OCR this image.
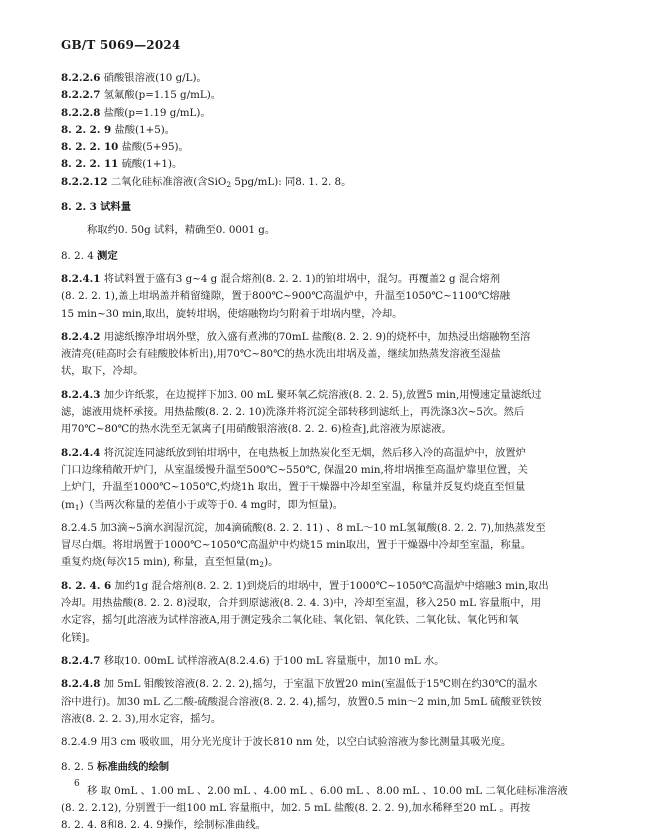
GB/T 5069—2024
8.2.2.6 硝酸银溶液(10 g/L)。
8.2.2.7 氢氟酸(p=1.15 g/mL)。
8.2.2.8 盐酸(p=1.19 g/mL)。
8. 2. 2. 9 盐酸(1+5)。
8. 2. 2. 10 盐酸(5+95)。
8. 2. 2. 11 硫酸(1+1)。
8.2.2.12 二氧化硅标准溶液(含SiO$_2$ 5pg/mL): 同8. 1. 2. 8。
8. 2. 3 试料量
称取约0. 50g 试料，精确至0. 0001 g。
8. 2. 4 测定
8.2.4.1 将试料置于盛有3 g~4 g 混合熔剂(8. 2. 2. 1)的铂坩埚中，混匀。再覆盖2 g 混合熔剂
(8. 2. 2. 1),盖上坩埚盖并稍留缝隙，置于800℃~900℃高温炉中，升温至1050℃~1100℃熔融
15 min~30 min,取出，旋转坩埚，使熔融物均匀附着于坩埚内壁，冷却。
8.2.4.2 用滤纸擦净坩埚外壁，放入盛有煮沸的70mL 盐酸(8. 2. 2. 9)的烧杯中，加热浸出熔融物至溶
液清亮(硅高时会有硅酸胶体析出),用70℃~80℃的热水洗出坩埚及盖，继续加热蒸发溶液至湿盐
状，取下，冷却。
8.2.4.3 加少许纸浆，在边搅拌下加3. 00 mL 聚环氧乙烷溶液(8. 2. 2. 5),放置5 min,用慢速定量滤纸过
滤，滤液用烧杯承接。用热盐酸(8. 2. 2. 10)洗涤并将沉淀全部转移到滤纸上，再洗涤3次~5次。然后
用70℃~80℃的热水洗至无氯离子[用硝酸银溶液(8. 2. 2. 6)检查],此溶液为原滤液。
8.2.4.4 将沉淀连同滤纸放到铂坩埚中，在电热板上加热炭化至无烟，然后移入冷的高温炉中，放置炉
门口边缘稍敞开炉门，从室温缓慢升温至500℃~550℃, 保温20 min,将坩埚推至高温炉靠里位置，关
上炉门，升温至1000℃~1050℃,灼烧1h 取出，置于干燥器中冷却至室温，称量并反复灼烧直至恒量
$(m_1)$（当两次称量的差值小于或等于0. 4 mg时，即为恒量)。
8.2.4.5 加3滴~5滴水润湿沉淀，加4滴硫酸(8. 2. 2. 11) 、8 mL～10 mL氢氟酸(8. 2. 2. 7),加热蒸发至
冒尽白烟。将坩埚置于1000℃~1050℃高温炉中灼烧15 min取出，置于干燥器中冷却至室温，称量。
重复灼烧(每次15 min), 称量，直至恒量$(m_2)$。
8. 2. 4. 6 加约1g 混合熔剂(8. 2. 2. 1)到烧后的坩埚中，置于1000℃~1050℃高温炉中熔融3 min,取出
冷却。用热盐酸(8. 2. 2. 8)浸取，合并到原滤液(8. 2. 4. 3)中，冷却至室温，移入250 mL 容量瓶中，用
水定容，摇匀[此溶液为试样溶液A,用于测定残余二氧化硅、氧化铝、氧化铁、二氧化钛、氧化钙和氧
化镁]。
8.2.4.7 移取10. 00mL 试样溶液A(8.2.4.6) 于100 mL 容量瓶中，加10 mL 水。
8.2.4.8 加 5mL 钼酸铵溶液(8. 2. 2. 2),摇匀，于室温下放置20 min(室温低于15℃则在约30℃的温水
浴中进行)。加30 mL 乙二酸-硫酸混合溶液(8. 2. 2. 4),摇匀，放置0.5 min～2 min,加 5mL 硫酸亚铁铵
溶液(8. 2. 2. 3),用水定容，摇匀。
8.2.4.9 用3 cm 吸收皿，用分光光度计于波长810 nm 处，以空白试验溶液为参比测量其吸光度。
8. 2. 5 标准曲线的绘制
移 取 0mL 、1.00 mL 、2.00 mL 、4.00 mL 、6.00 mL 、8.00 mL 、10.00 mL 二氧化硅标准溶液
(8. 2. 2.12), 分别置于一组100 mL 容量瓶中，加2. 5 mL 盐酸(8. 2. 2. 9),加水稀释至20 mL 。再按
8. 2. 4. 8和8. 2. 4. 9操作，绘制标准曲线。
6
